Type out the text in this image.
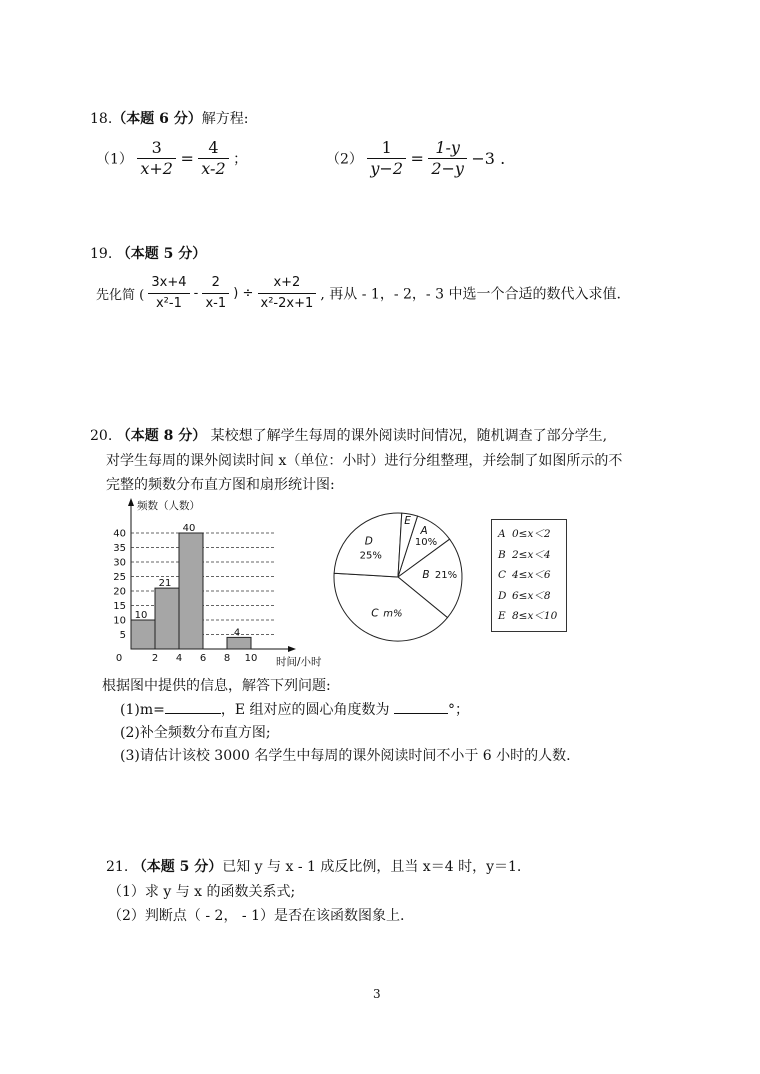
18.（本题 6 分）解方程:
$(1) \frac{3}{x+2} = \frac{4}{x-2}$ ；	$(2) \frac{1}{y-2} = \frac{1-y}{2-y} -3$ .
19. （本题 5 分）
先化简 ( $\frac{3x+4}{\text{x²-1}} - \frac{2}{x-1}$ ) ÷ $\frac{x+2}{\text{x²-2x+1}}$ , 再从 - 1，- 2，- 3 中选一个合适的数代入求值.
20. （本题 8 分） 某校想了解学生每周的课外阅读时间情况，随机调查了部分学生,
对学生每周的课外阅读时间 x（单位：小时）进行分组整理，并绘制了如图所示的不
完整的频数分布直方图和扇形统计图:
频数（人数）
时间/小时
5
10
15
20
25
30
35
40
0	2 4 6 8 10
10
21
40
4
A
10%
B 21%
C m%
D
25%
E
A 0≤x＜2
B 2≤x＜4
C 4≤x＜6
D 6≤x＜8
E 8≤x＜10
根据图中提供的信息，解答下列问题:
(1)m=	，E 组对应的圆心角度数为	°；
(2)补全频数分布直方图;
(3)请估计该校 3000 名学生中每周的课外阅读时间不小于 6 小时的人数.
21. （本题 5 分）已知 y 与 x - 1 成反比例，且当 x＝4 时，y＝1.
（1）求 y 与 x 的函数关系式;
（2）判断点（ - 2， - 1）是否在该函数图象上.
3
